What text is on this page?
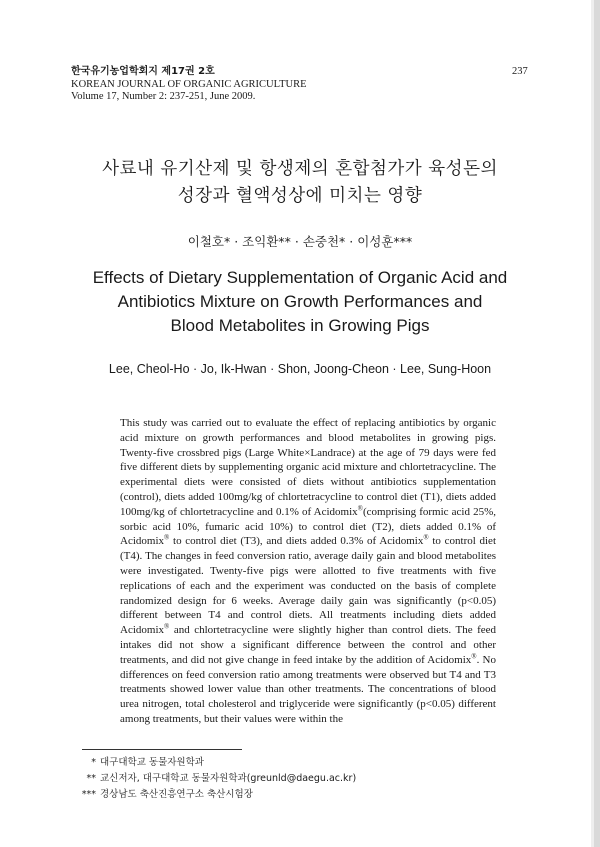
한국유기농업학회지 제17권 2호
KOREAN JOURNAL OF ORGANIC AGRICULTURE
Volume 17, Number 2: 237-251, June 2009.
237
사료내 유기산제 및 항생제의 혼합첨가가 육성돈의
성장과 혈액성상에 미치는 영향
이철호* · 조익환** · 손중천* · 이성훈***
Effects of Dietary Supplementation of Organic Acid and
Antibiotics Mixture on Growth Performances and
Blood Metabolites in Growing Pigs
Lee, Cheol-Ho · Jo, Ik-Hwan · Shon, Joong-Cheon · Lee, Sung-Hoon

This study was carried out to evaluate the effect of replacing antibiotics by organic acid mixture on growth performances and blood metabolites in growing pigs. Twenty-five crossbred pigs (Large White×Landrace) at the age of 79 days were fed five different diets by supplementing organic acid mixture and chlortetracycline. The experimental diets were consisted of diets without antibiotics supplementation (control), diets added 100mg/kg of chlortetracycline to control diet (T1), diets added 100mg/kg of chlortetracycline and 0.1% of Acidomix®(comprising formic acid 25%, sorbic acid 10%, fumaric acid 10%) to control diet (T2), diets added 0.1% of Acidomix® to control diet (T3), and diets added 0.3% of Acidomix® to control diet (T4). The changes in feed conversion ratio, average daily gain and blood metabolites were investigated. Twenty-five pigs were allotted to five treatments with five replications of each and the experiment was conducted on the basis of complete randomized design for 6 weeks. Average daily gain was significantly (p<0.05) different between T4 and control diets. All treatments including diets added Acidomix® and chlortetracycline were slightly higher than control diets. The feed intakes did not show a significant difference between the control and other treatments, and did not give change in feed intake by the addition of Acidomix®. No differences on feed conversion ratio among treatments were observed but T4 and T3 treatments showed lower value than other treatments. The concentrations of blood urea nitrogen, total cholesterol and triglyceride were significantly (p<0.05) different among treatments, but their values were within the

* 대구대학교 동물자원학과
** 교신저자, 대구대학교 동물자원학과(greunld@daegu.ac.kr)
*** 경상남도 축산진흥연구소 축산시험장
